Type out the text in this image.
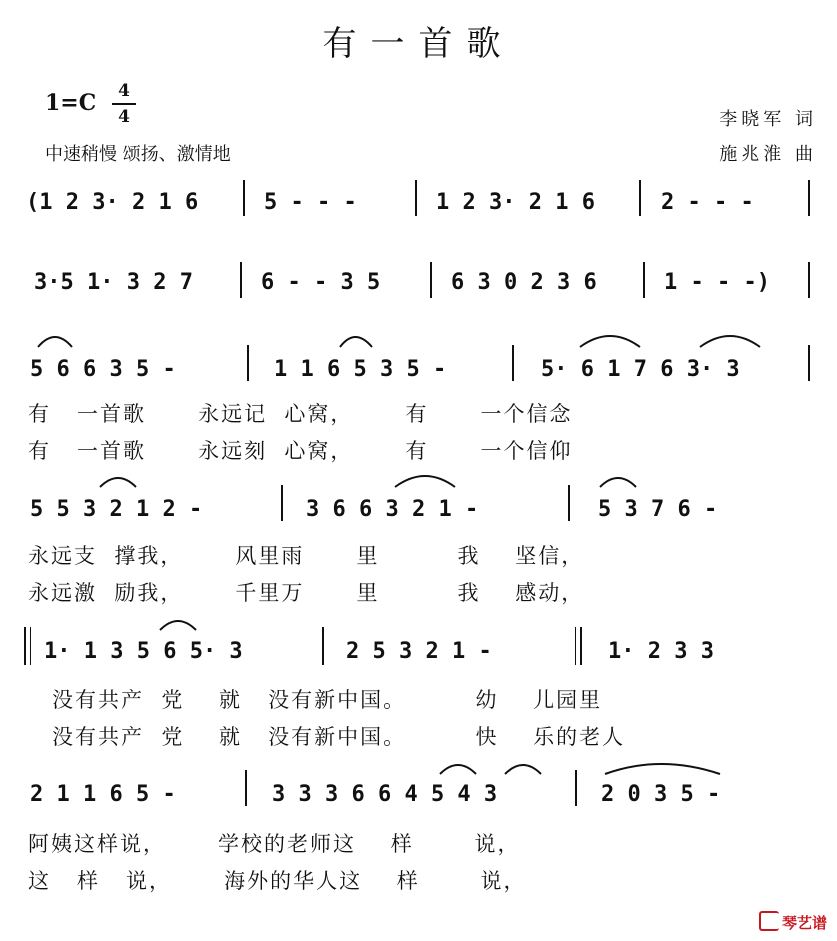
有一首歌
1=C	4
4
中速稍慢 颂扬、激情地
李晓军 词
施兆淮 曲

(1 2 3· 2 1 6

	5 - - -

	1 2 3· 2 1 6

	2 - - -

3·5 1· 3 2 7

	6 - - 3 5

	6 3 0 2 3 6

	1 - - -)

5 6 6 3 5 -

	1 1 6 5 3 5 -

	5· 6 1 7 6 3· 3

有   一首歌      永远记  心窝，      有      一个信念
有   一首歌      永远刻  心窝，      有      一个信仰

5 5 3 2 1 2 -

	3 6 6 3 2 1 -

	5 3 7 6 -

永远支  撑我，      风里雨      里         我    坚信，
永远激  励我，      千里万      里         我    感动，

1· 1 3 5 6 5· 3

	2 5 3 2 1 -

	1· 2 3 3

没有共产  党    就   没有新中国。        幼    儿园里
没有共产  党    就   没有新中国。        快    乐的老人

2 1 1 6 5 -

	3 3 3 6 6 4 5 4 3

	2 0 3 5 -

阿姨这样说，      学校的老师这    样       说，
这   样   说，      海外的华人这    样       说，
琴艺谱
